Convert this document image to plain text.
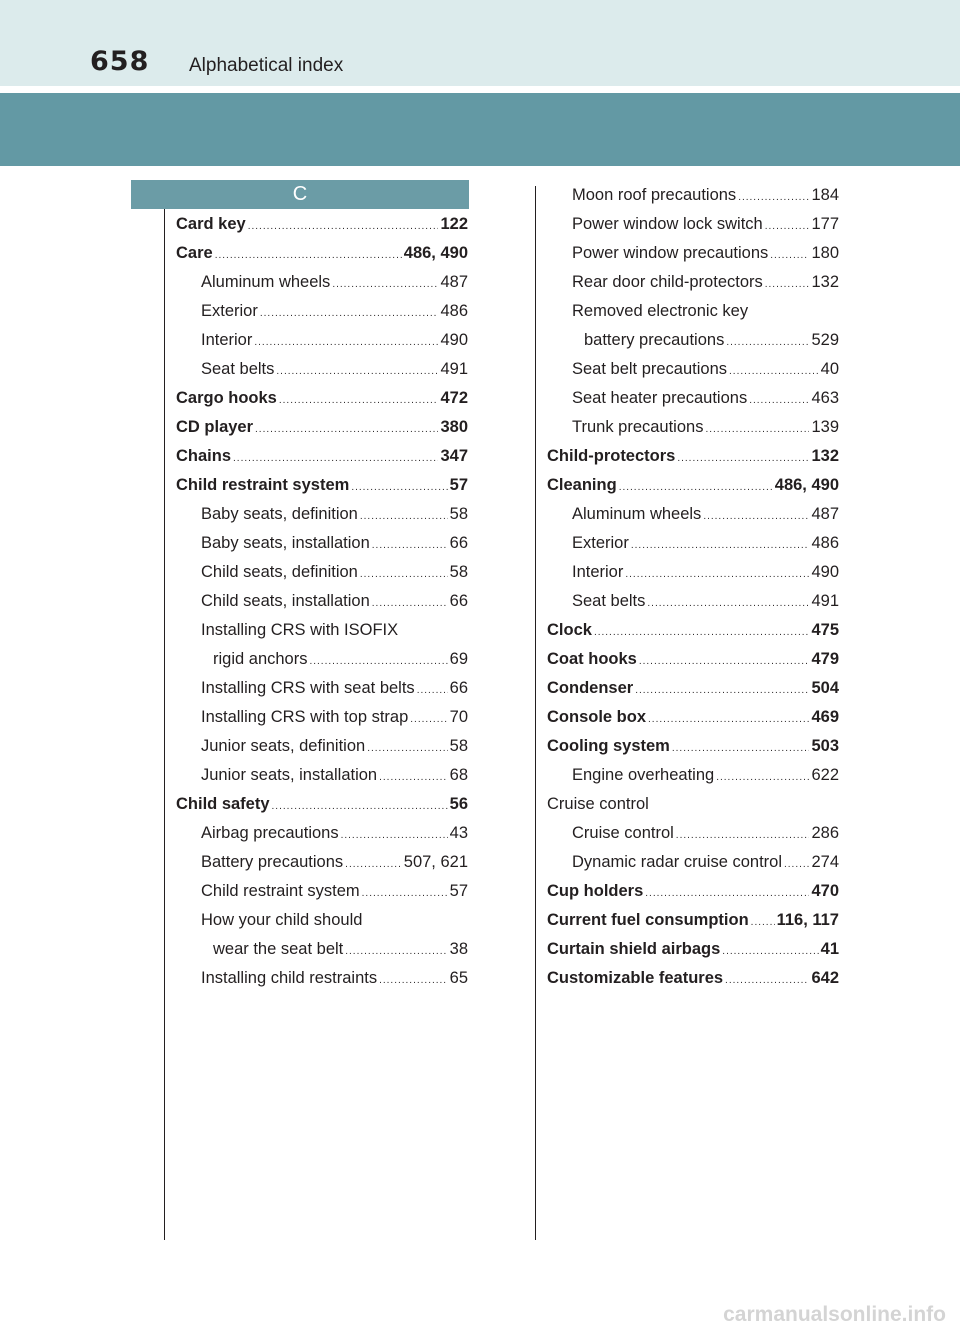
658 Alphabetical index
C
Card key .....	122
Care .....	486, 490
Aluminum wheels .....	487
Exterior .....	486
Interior .....	490
Seat belts .....	491
Cargo hooks .....	472
CD player .....	380
Chains .....	347
Child restraint system .....	57
Baby seats, definition .....	58
Baby seats, installation .....	66
Child seats, definition .....	58
Child seats, installation .....	66
Installing CRS with ISOFIX
rigid anchors .....	69
Installing CRS with seat belts ..... 66
Installing CRS with top strap .....	70
Junior seats, definition .....	58
Junior seats, installation .....	68
Child safety .....	56
Airbag precautions .....	43
Battery precautions .....	507, 621
Child restraint system .....	57
How your child should
wear the seat belt .....	38
Installing child restraints .....	65
Moon roof precautions .....	184
Power window lock switch .....	177
Power window precautions .....	180
Rear door child-protectors .....	132
Removed electronic key
battery precautions .....	529
Seat belt precautions .....	40
Seat heater precautions .....	463
Trunk precautions .....	139
Child-protectors .....	132
Cleaning .....	486, 490
Aluminum wheels .....	487
Exterior .....	486
Interior .....	490
Seat belts .....	491
Clock .....	475
Coat hooks .....	479
Condenser .....	504
Console box .....	469
Cooling system .....	503
Engine overheating .....	622
Cruise control
Cruise control .....	286
Dynamic radar cruise control ..... 274
Cup holders .....	470
Current fuel consumption ..... 116, 117
Curtain shield airbags .....	41
Customizable features .....	642
carmanualsonline.info
